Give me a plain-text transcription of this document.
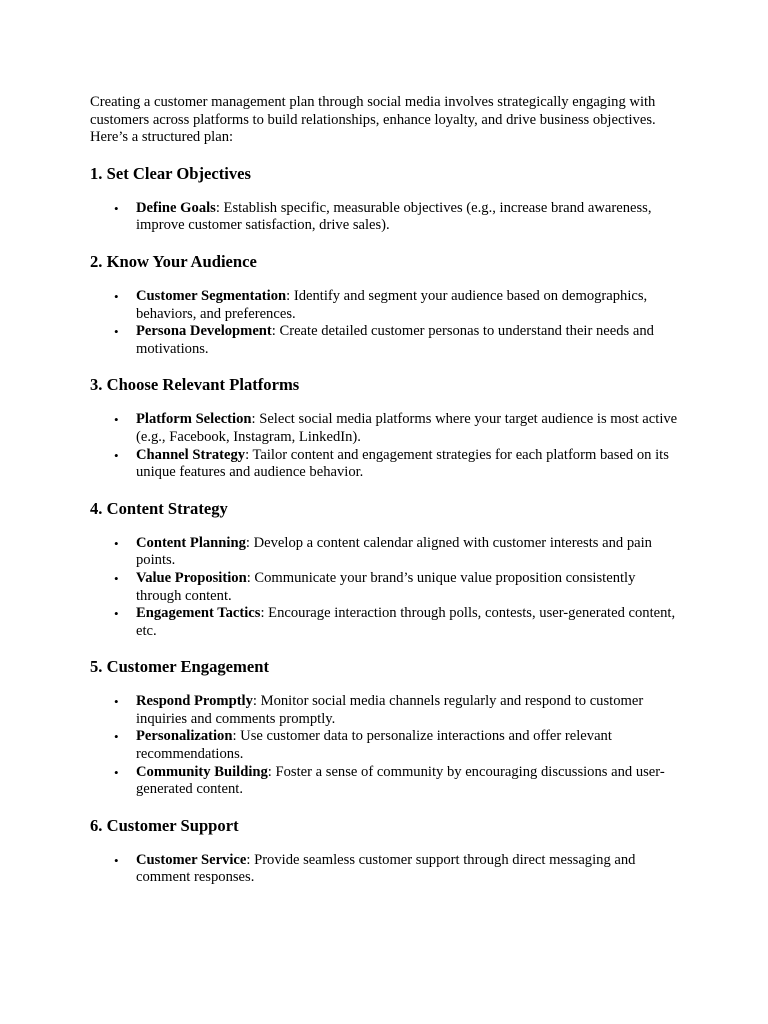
Creating a customer management plan through social media involves strategically engaging with customers across platforms to build relationships, enhance loyalty, and drive business objectives. Here’s a structured plan:

1. Set Clear Objectives
• Define Goals: Establish specific, measurable objectives (e.g., increase brand awareness, improve customer satisfaction, drive sales).
2. Know Your Audience
• Customer Segmentation: Identify and segment your audience based on demographics, behaviors, and preferences.
• Persona Development: Create detailed customer personas to understand their needs and motivations.
3. Choose Relevant Platforms
• Platform Selection: Select social media platforms where your target audience is most active (e.g., Facebook, Instagram, LinkedIn).
• Channel Strategy: Tailor content and engagement strategies for each platform based on its unique features and audience behavior.
4. Content Strategy
• Content Planning: Develop a content calendar aligned with customer interests and pain points.
• Value Proposition: Communicate your brand’s unique value proposition consistently through content.
• Engagement Tactics: Encourage interaction through polls, contests, user-generated content, etc.
5. Customer Engagement
• Respond Promptly: Monitor social media channels regularly and respond to customer inquiries and comments promptly.
• Personalization: Use customer data to personalize interactions and offer relevant recommendations.
• Community Building: Foster a sense of community by encouraging discussions and user-generated content.
6. Customer Support
• Customer Service: Provide seamless customer support through direct messaging and comment responses.
